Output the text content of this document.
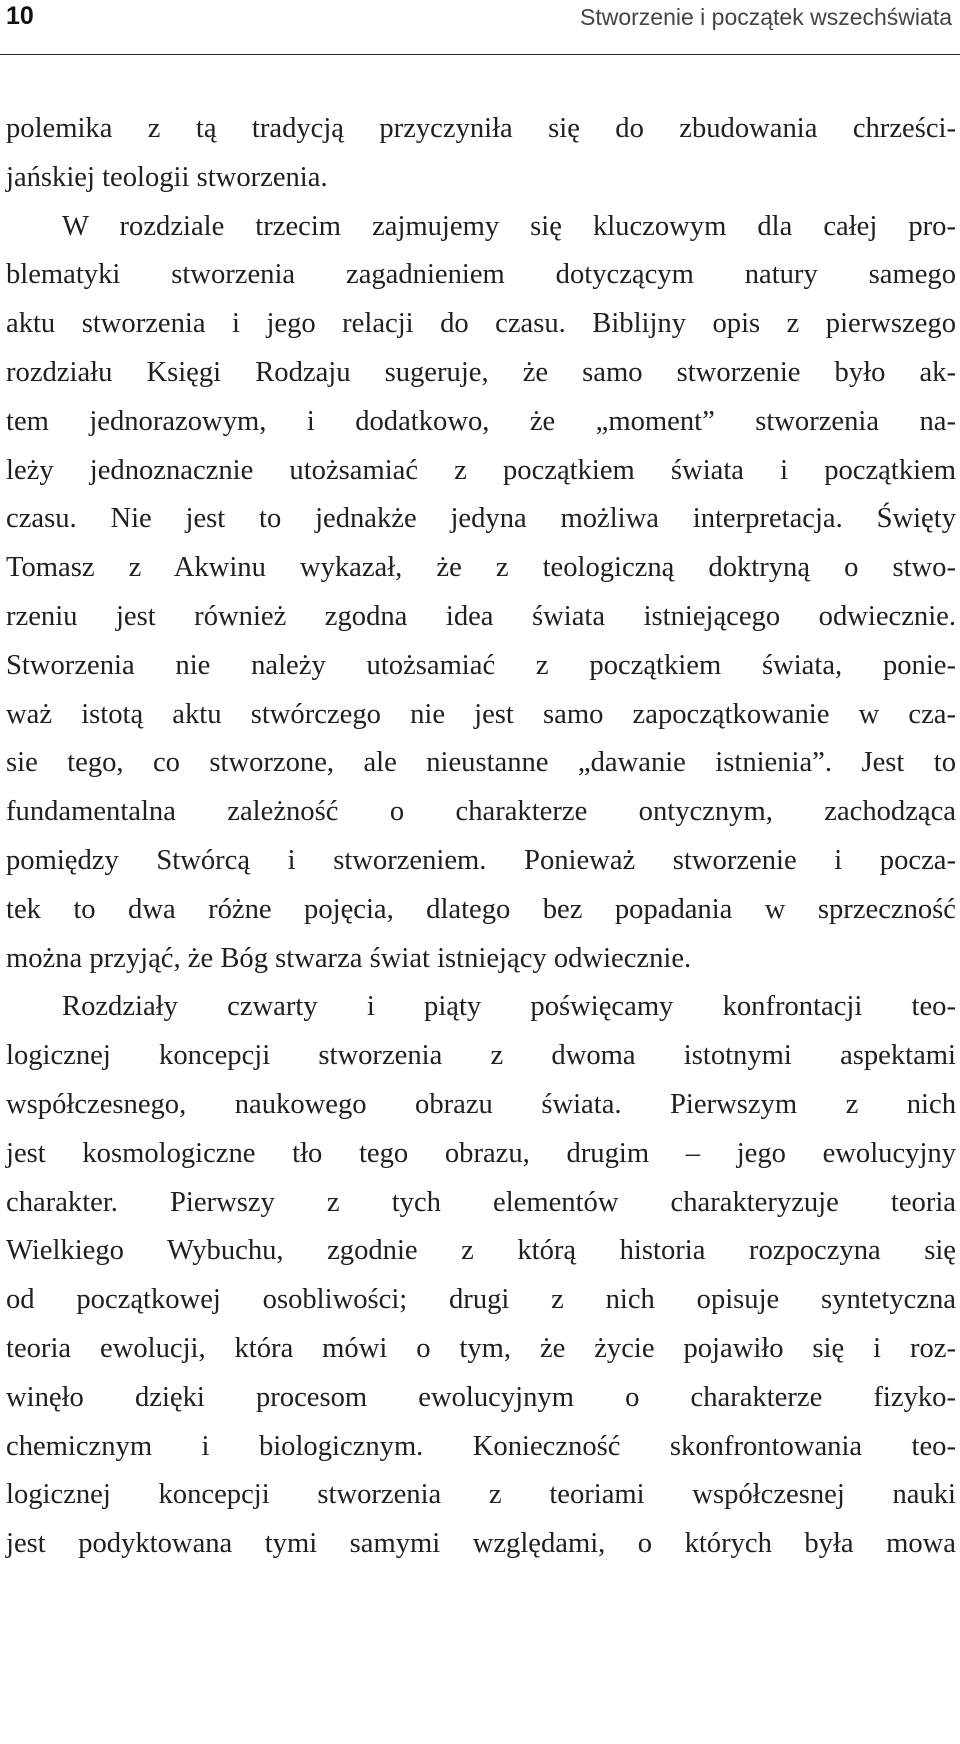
10	Stworzenie i początek wszechświata
polemika z tą tradycją przyczyniła się do zbudowania chrześci-
jańskiej teologii stworzenia.
W rozdziale trzecim zajmujemy się kluczowym dla całej pro-
blematyki stworzenia zagadnieniem dotyczącym natury samego
aktu stworzenia i jego relacji do czasu. Biblijny opis z pierwszego
rozdziału Księgi Rodzaju sugeruje, że samo stworzenie było ak-
tem jednorazowym, i dodatkowo, że „moment” stworzenia na-
leży jednoznacznie utożsamiać z początkiem świata i początkiem
czasu. Nie jest to jednakże jedyna możliwa interpretacja. Święty
Tomasz z Akwinu wykazał, że z teologiczną doktryną o stwo-
rzeniu jest również zgodna idea świata istniejącego odwiecznie.
Stworzenia nie należy utożsamiać z początkiem świata, ponie-
waż istotą aktu stwórczego nie jest samo zapoczątkowanie w cza-
sie tego, co stworzone, ale nieustanne „dawanie istnienia”. Jest to
fundamentalna zależność o charakterze ontycznym, zachodząca
pomiędzy Stwórcą i stworzeniem. Ponieważ stworzenie i pocza-
tek to dwa różne pojęcia, dlatego bez popadania w sprzeczność
można przyjąć, że Bóg stwarza świat istniejący odwiecznie.
Rozdziały czwarty i piąty poświęcamy konfrontacji teo-
logicznej koncepcji stworzenia z dwoma istotnymi aspektami
współczesnego, naukowego obrazu świata. Pierwszym z nich
jest kosmologiczne tło tego obrazu, drugim – jego ewolucyjny
charakter. Pierwszy z tych elementów charakteryzuje teoria
Wielkiego Wybuchu, zgodnie z którą historia rozpoczyna się
od początkowej osobliwości; drugi z nich opisuje syntetyczna
teoria ewolucji, która mówi o tym, że życie pojawiło się i roz-
winęło dzięki procesom ewolucyjnym o charakterze fizyko-
chemicznym i biologicznym. Konieczność skonfrontowania teo-
logicznej koncepcji stworzenia z teoriami współczesnej nauki
jest podyktowana tymi samymi względami, o których była mowa
